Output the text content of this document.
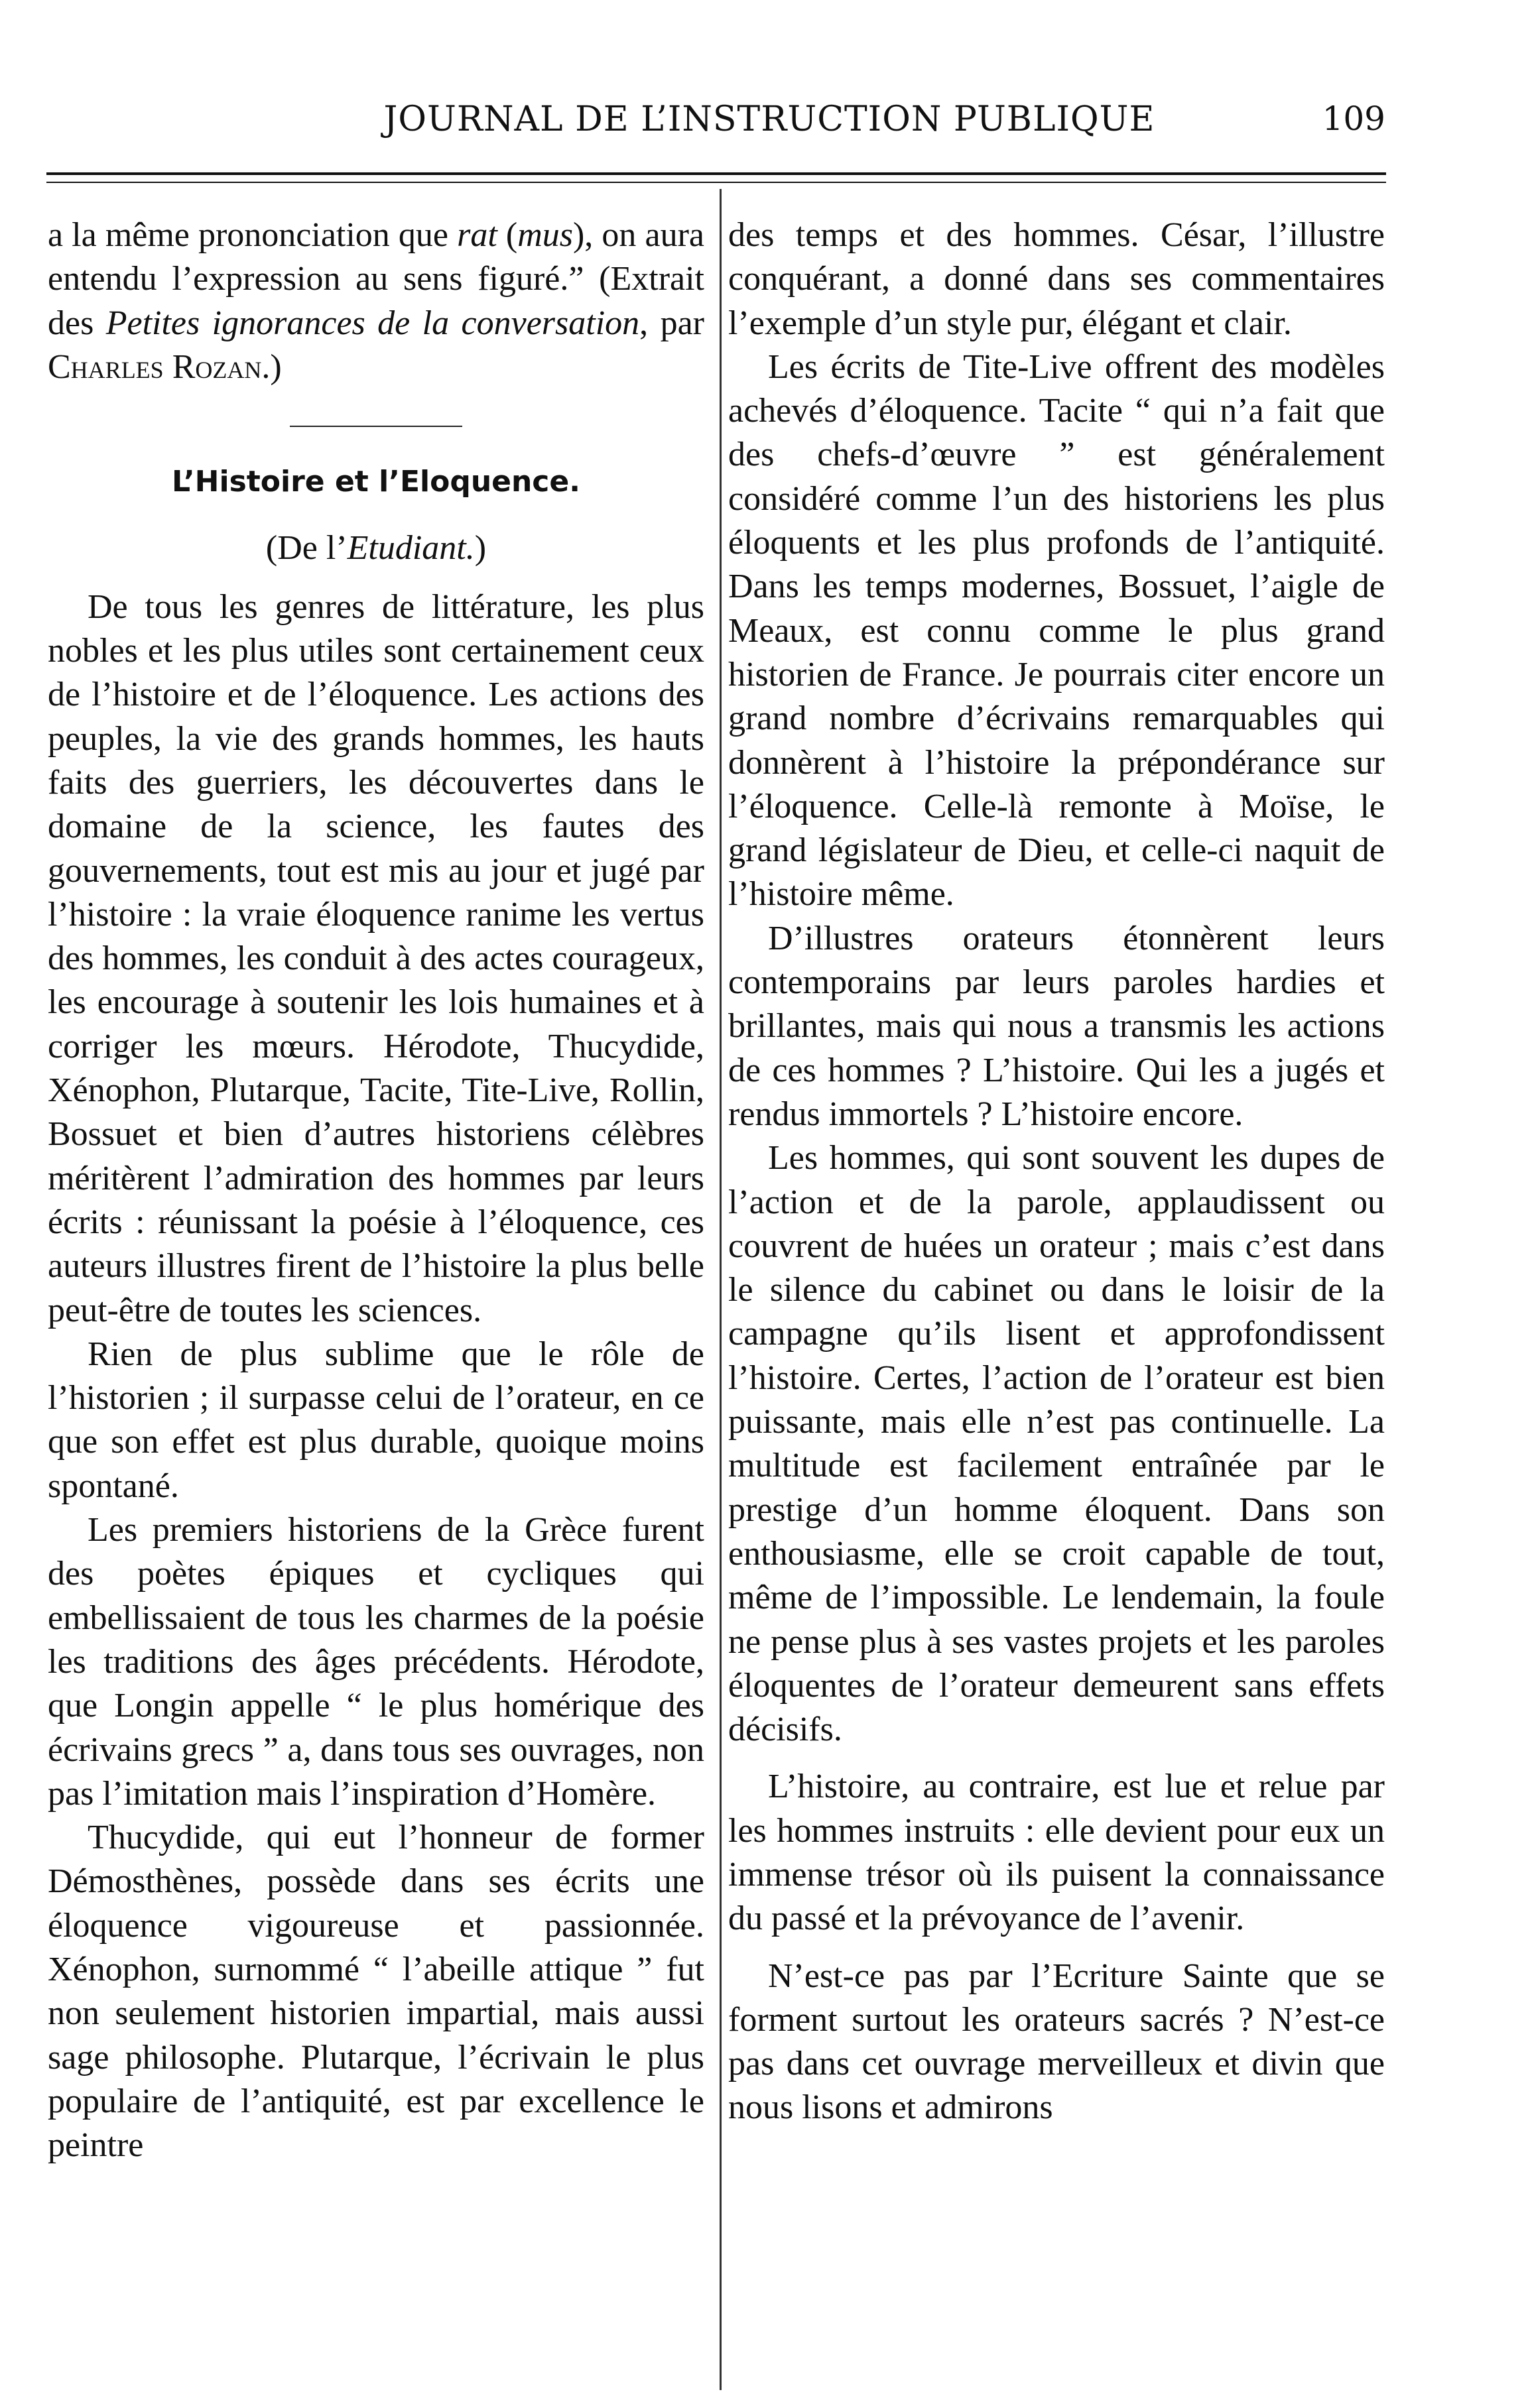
JOURNAL DE L’INSTRUCTION PUBLIQUE	109

a la même prononciation que rat (mus), on aura entendu l’expression au sens figuré.” (Extrait des Petites ignorances de la conversation, par Charles Rozan.)

L’Histoire et l’Eloquence.
(De l’Etudiant.)

De tous les genres de littérature, les plus nobles et les plus utiles sont certainement ceux de l’histoire et de l’éloquence. Les actions des peuples, la vie des grands hommes, les hauts faits des guerriers, les découvertes dans le domaine de la science, les fautes des gouvernements, tout est mis au jour et jugé par l’histoire : la vraie éloquence ranime les vertus des hommes, les conduit à des actes courageux, les encourage à soutenir les lois humaines et à corriger les mœurs. Hérodote, Thucydide, Xénophon, Plutarque, Tacite, Tite-Live, Rollin, Bossuet et bien d’autres historiens célèbres méritèrent l’admiration des hommes par leurs écrits : réunissant la poésie à l’éloquence, ces auteurs illustres firent de l’histoire la plus belle peut-être de toutes les sciences.

Rien de plus sublime que le rôle de l’historien ; il surpasse celui de l’orateur, en ce que son effet est plus durable, quoique moins spontané.

Les premiers historiens de la Grèce furent des poètes épiques et cycliques qui embellissaient de tous les charmes de la poésie les traditions des âges précédents. Hérodote, que Longin appelle “ le plus homérique des écrivains grecs ” a, dans tous ses ouvrages, non pas l’imitation mais l’inspiration d’Homère.

Thucydide, qui eut l’honneur de former Démosthènes, possède dans ses écrits une éloquence vigoureuse et passionnée. Xénophon, surnommé “ l’abeille attique ” fut non seulement historien impartial, mais aussi sage philosophe. Plutarque, l’écrivain le plus populaire de l’antiquité, est par excellence le peintre

des temps et des hommes. César, l’illustre conquérant, a donné dans ses commentaires l’exemple d’un style pur, élégant et clair.

Les écrits de Tite-Live offrent des modèles achevés d’éloquence. Tacite “ qui n’a fait que des chefs-d’œuvre ” est généralement considéré comme l’un des historiens les plus éloquents et les plus profonds de l’antiquité. Dans les temps modernes, Bossuet, l’aigle de Meaux, est connu comme le plus grand historien de France. Je pourrais citer encore un grand nombre d’écrivains remarquables qui donnèrent à l’histoire la prépondérance sur l’éloquence. Celle-là remonte à Moïse, le grand législateur de Dieu, et celle-ci naquit de l’histoire même.

D’illustres orateurs étonnèrent leurs contemporains par leurs paroles hardies et brillantes, mais qui nous a transmis les actions de ces hommes ? L’histoire. Qui les a jugés et rendus immortels ? L’histoire encore.

Les hommes, qui sont souvent les dupes de l’action et de la parole, applaudissent ou couvrent de huées un orateur ; mais c’est dans le silence du cabinet ou dans le loisir de la campagne qu’ils lisent et approfondissent l’histoire. Certes, l’action de l’orateur est bien puissante, mais elle n’est pas continuelle. La multitude est facilement entraînée par le prestige d’un homme éloquent. Dans son enthousiasme, elle se croit capable de tout, même de l’impossible. Le lendemain, la foule ne pense plus à ses vastes projets et les paroles éloquentes de l’orateur demeurent sans effets décisifs.

L’histoire, au contraire, est lue et relue par les hommes instruits : elle devient pour eux un immense trésor où ils puisent la connaissance du passé et la prévoyance de l’avenir.

N’est-ce pas par l’Ecriture Sainte que se forment surtout les orateurs sacrés ? N’est-ce pas dans cet ouvrage merveilleux et divin que nous lisons et admirons
